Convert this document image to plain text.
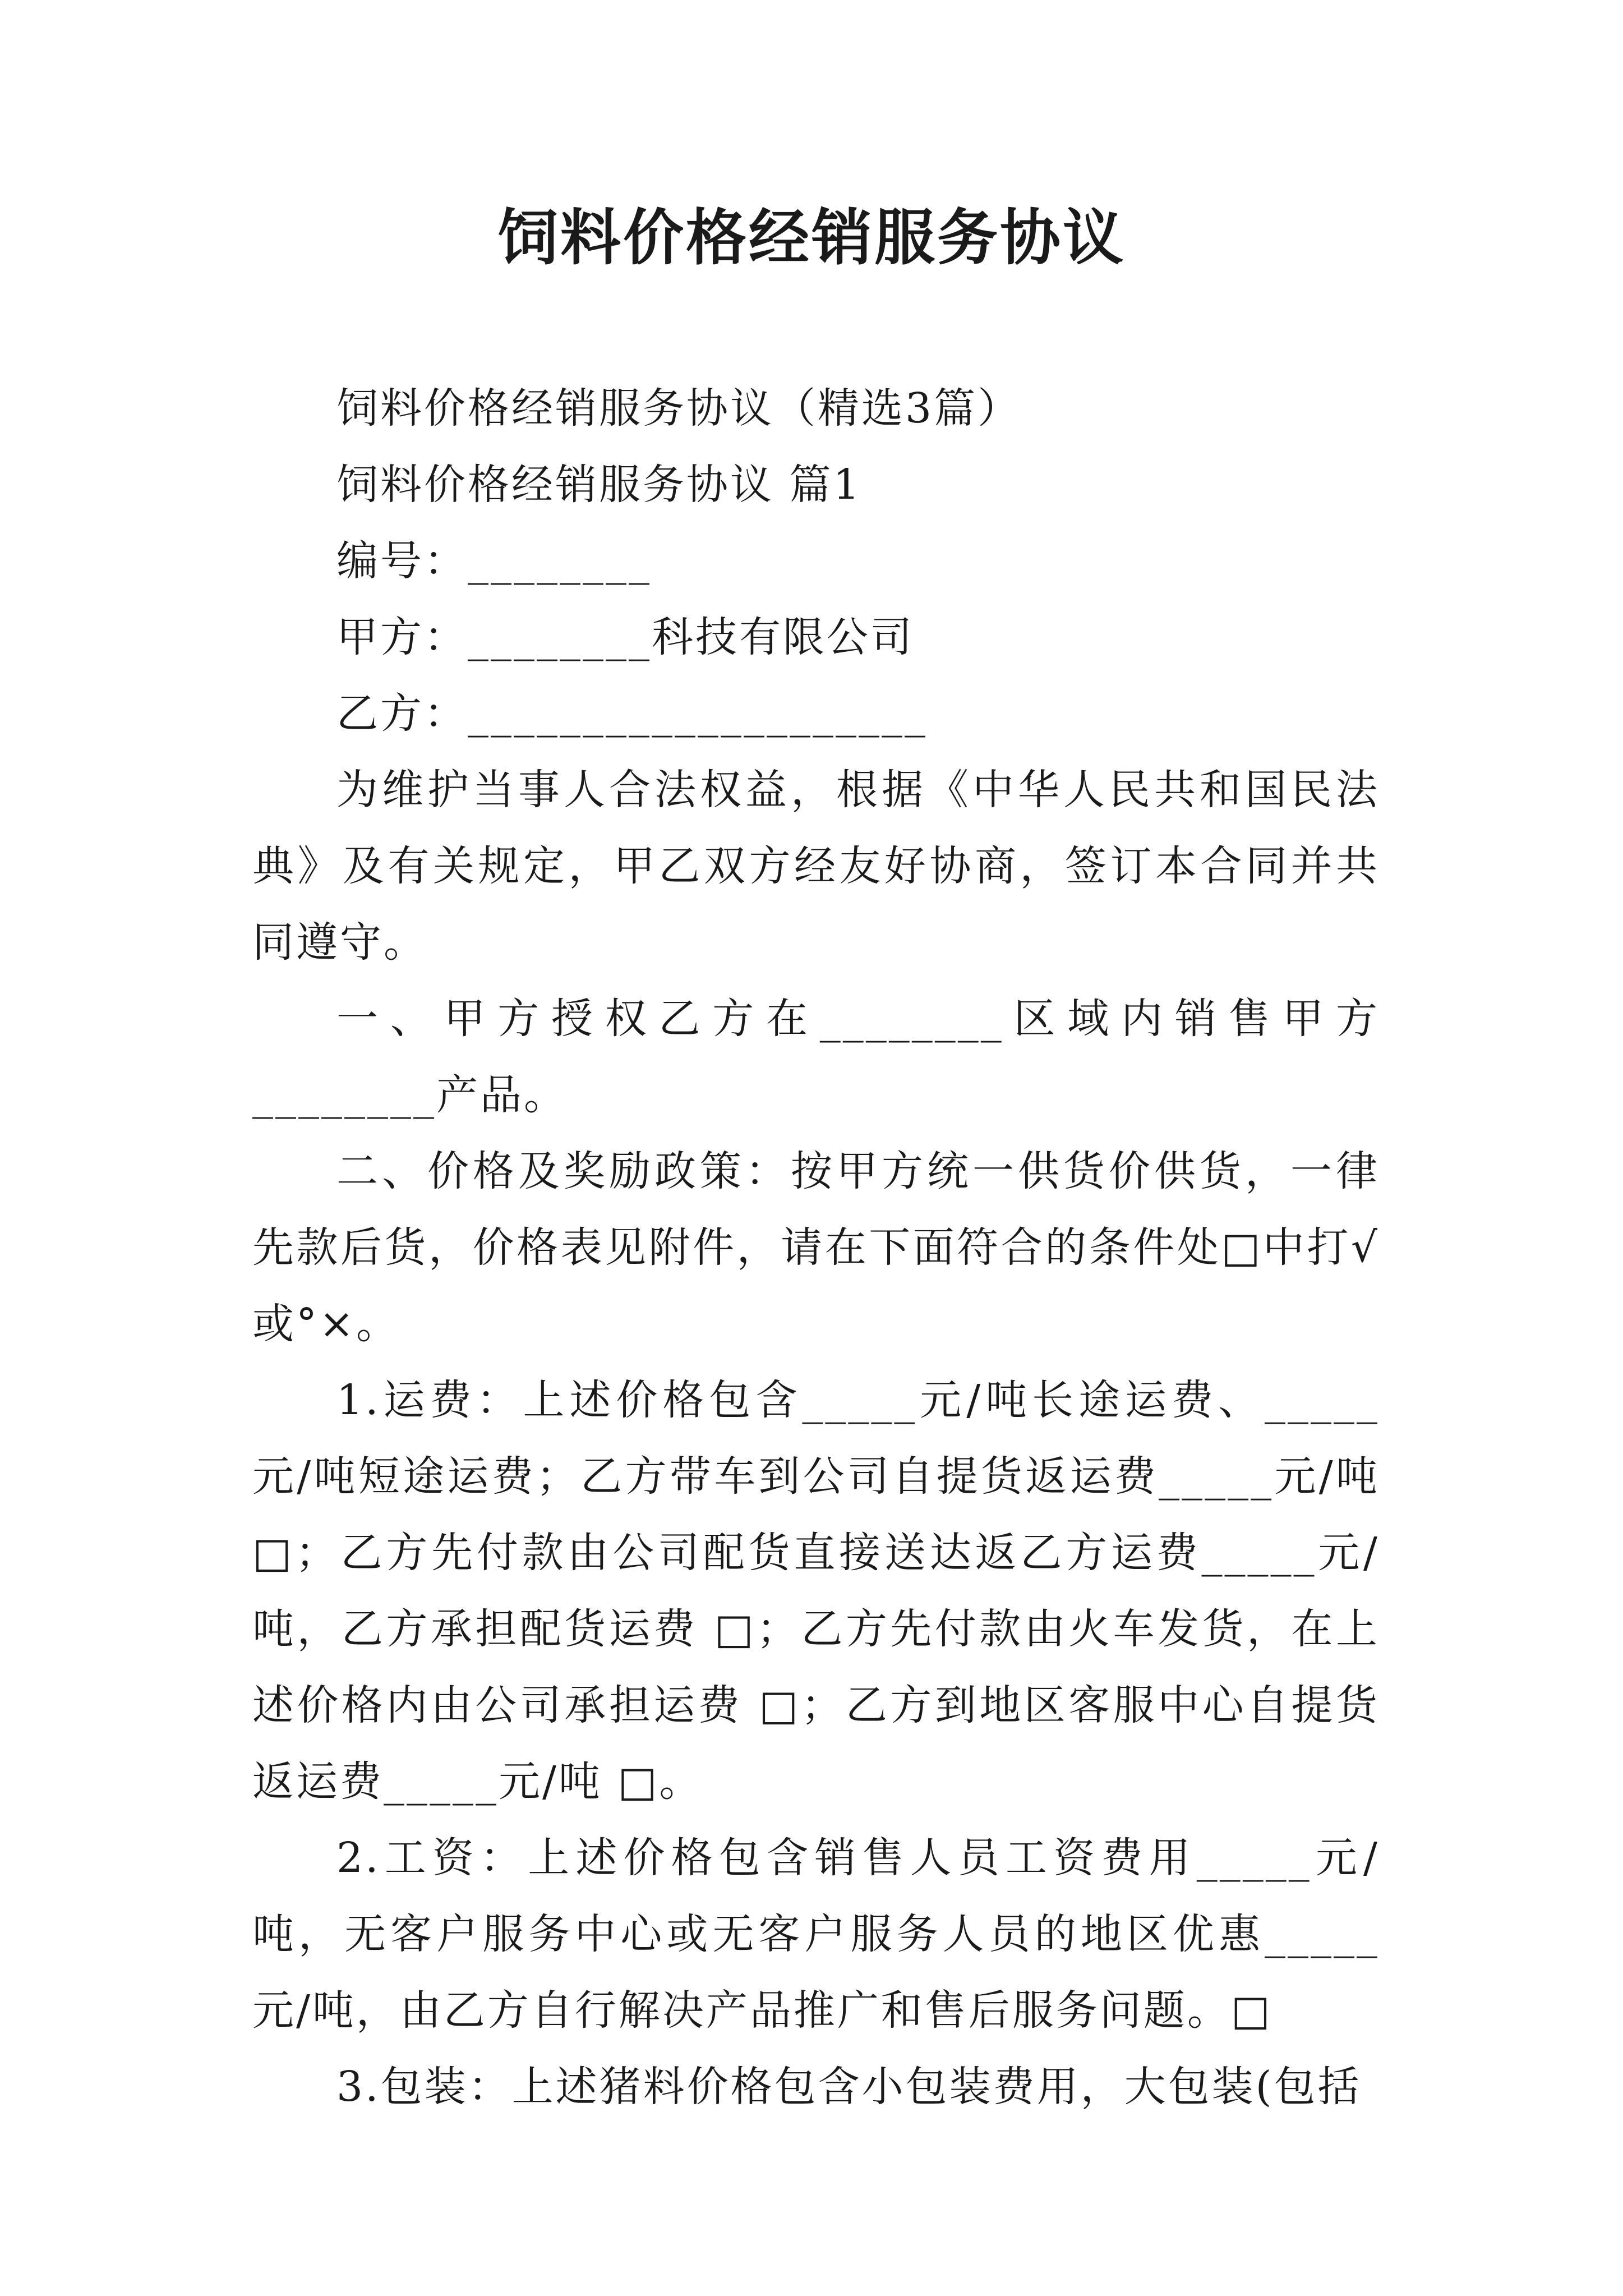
饲料价格经销服务协议

饲料价格经销服务协议（精选3篇）

饲料价格经销服务协议 篇1

编号：________

甲方：________科技有限公司

乙方：____________________

为维护当事人合法权益，根据《中华人民共和国民法典》及有关规定，甲乙双方经友好协商，签订本合同并共同遵守。

一、甲方授权乙方在________区域内销售甲方________产品。

二、价格及奖励政策：按甲方统一供货价供货，一律先款后货，价格表见附件，请在下面符合的条件处□中打√或°×。

1.运费：上述价格包含_____元/吨长途运费、_____元/吨短途运费；乙方带车到公司自提货返运费_____元/吨 □；乙方先付款由公司配货直接送达返乙方运费_____元/吨，乙方承担配货运费 □；乙方先付款由火车发货，在上述价格内由公司承担运费 □；乙方到地区客服中心自提货返运费_____元/吨 □。

2.工资：上述价格包含销售人员工资费用_____元/吨，无客户服务中心或无客户服务人员的地区优惠_____元/吨，由乙方自行解决产品推广和售后服务问题。□

3.包装：上述猪料价格包含小包装费用，大包装(包括
